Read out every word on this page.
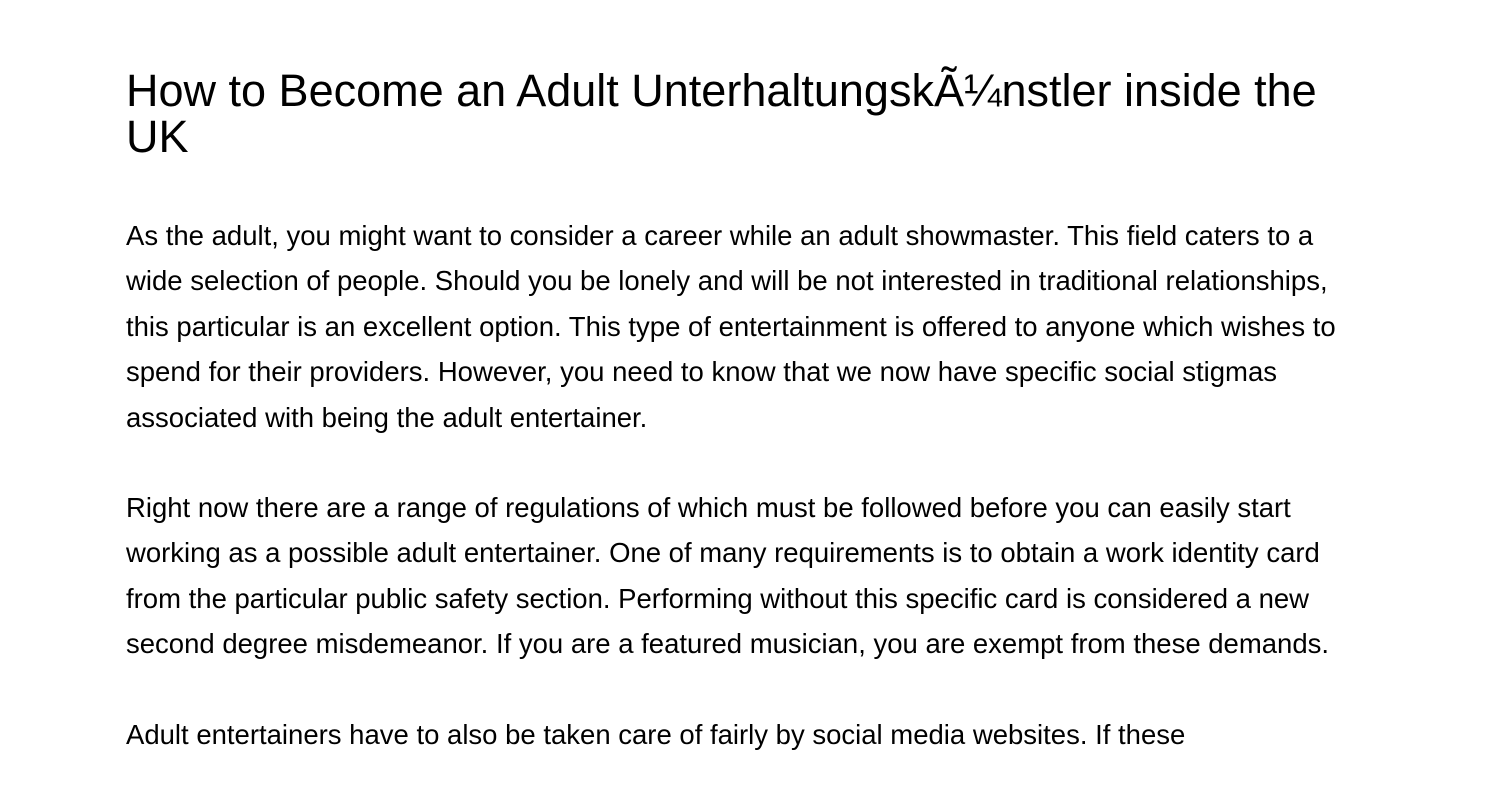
How to Become an Adult UnterhaltungskÃ¼nstler inside the UK

As the adult, you might want to consider a career while an adult showmaster. This field caters to a wide selection of people. Should you be lonely and will be not interested in traditional relationships, this particular is an excellent option. This type of entertainment is offered to anyone which wishes to spend for their providers. However, you need to know that we now have specific social stigmas associated with being the adult entertainer.

Right now there are a range of regulations of which must be followed before you can easily start working as a possible adult entertainer. One of many requirements is to obtain a work identity card from the particular public safety section. Performing without this specific card is considered a new second degree misdemeanor. If you are a featured musician, you are exempt from these demands.

Adult entertainers have to also be taken care of fairly by social media websites. If these
